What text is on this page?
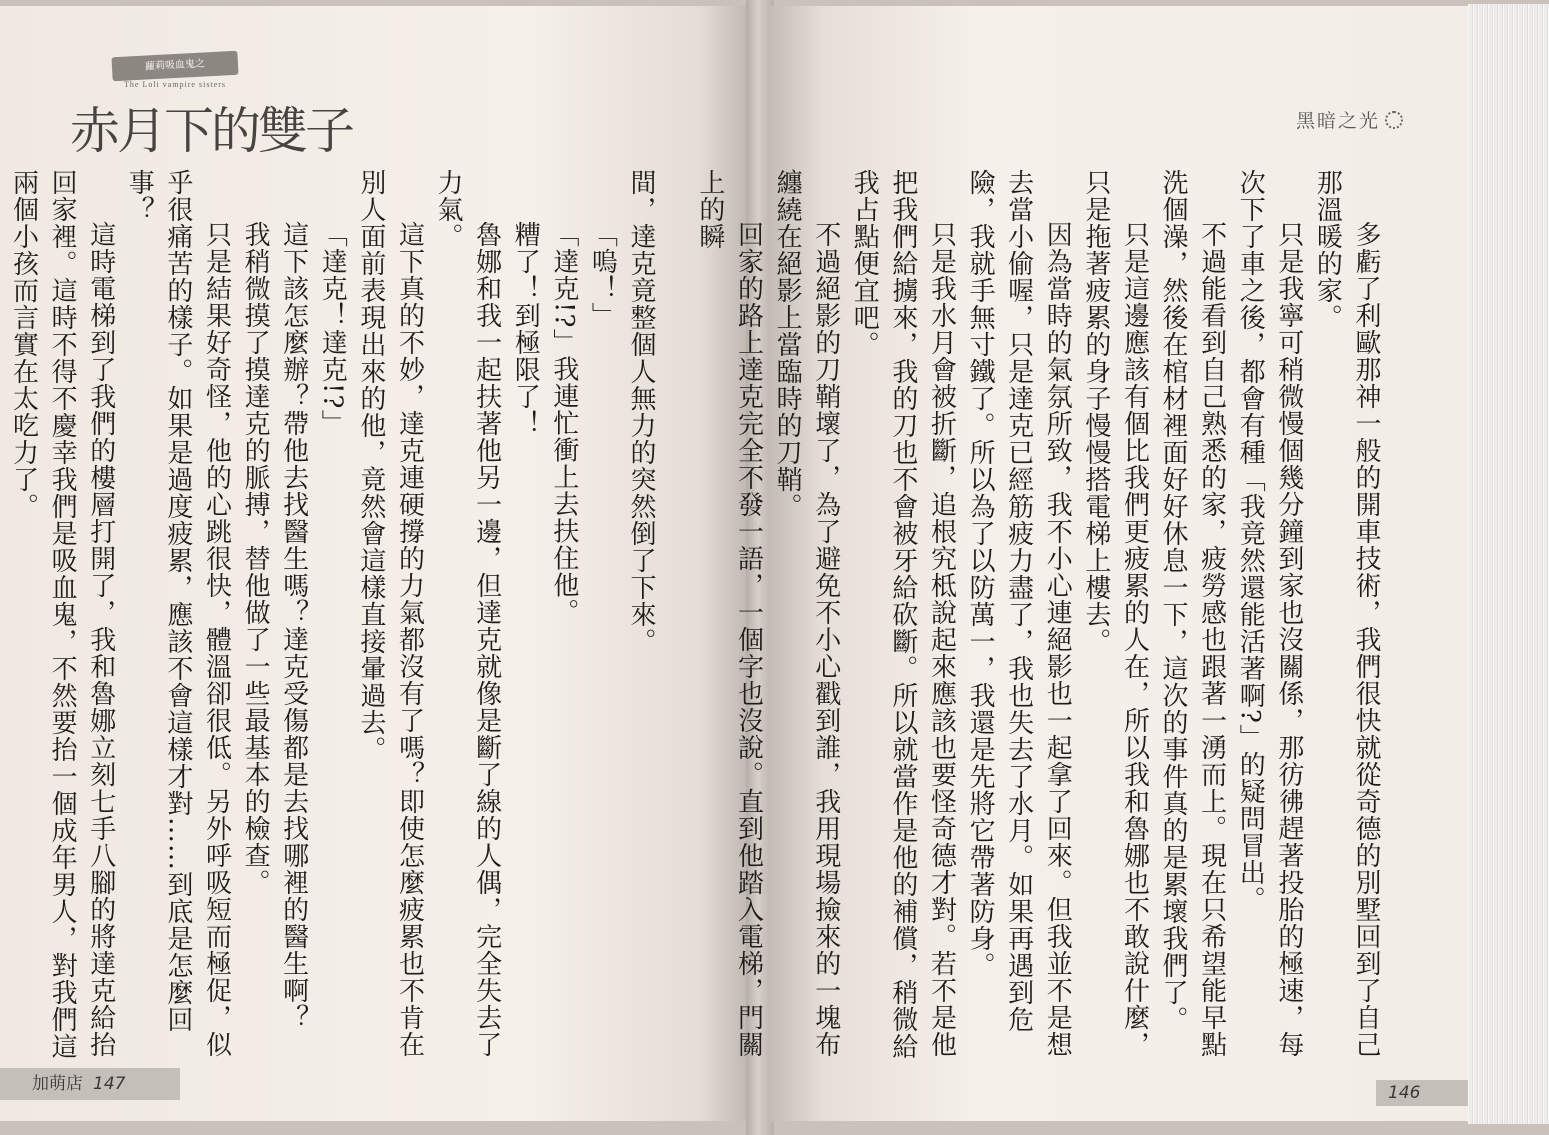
蘿莉吸血鬼之
The Loli vampire sisters
赤月下的雙子

間，達克竟整個人無力的突然倒了下來。

「嗚！」

「達克!?」我連忙衝上去扶住他。

糟了！到極限了！

魯娜和我一起扶著他另一邊，但達克就像是斷了線的人偶，完全失去了力氣。

這下真的不妙，達克連硬撐的力氣都沒有了嗎？即使怎麼疲累也不肯在別人面前表現出來的他，竟然會這樣直接暈過去。

「達克！達克!?」

這下該怎麼辦？帶他去找醫生嗎？達克受傷都是去找哪裡的醫生啊？

我稍微摸了摸達克的脈搏，替他做了一些最基本的檢查。

只是結果好奇怪，他的心跳很快，體溫卻很低。另外呼吸短而極促，似乎很痛苦的樣子。如果是過度疲累，應該不會這樣才對……到底是怎麼回事？

這時電梯到了我們的樓層打開了，我和魯娜立刻七手八腳的將達克給抬回家裡。這時不得不慶幸我們是吸血鬼，不然要抬一個成年男人，對我們這兩個小孩而言實在太吃力了。

加萌店 147
黑暗之光

多虧了利歐那神一般的開車技術，我們很快就從奇德的別墅回到了自己那溫暖的家。

只是我寧可稍微慢個幾分鐘到家也沒關係，那彷彿趕著投胎的極速，每次下了車之後，都會有種「我竟然還能活著啊?」的疑問冒出。

不過能看到自己熟悉的家，疲勞感也跟著一湧而上。現在只希望能早點洗個澡，然後在棺材裡面好好休息一下，這次的事件真的是累壞我們了。

只是這邊應該有個比我們更疲累的人在，所以我和魯娜也不敢說什麼，只是拖著疲累的身子慢慢搭電梯上樓去。

因為當時的氣氛所致，我不小心連絕影也一起拿了回來。但我並不是想去當小偷喔，只是達克已經筋疲力盡了，我也失去了水月。如果再遇到危險，我就手無寸鐵了。所以為了以防萬一，我還是先將它帶著防身。

只是我水月會被折斷，追根究柢說起來應該也要怪奇德才對。若不是他把我們給擄來，我的刀也不會被牙給砍斷。所以就當作是他的補償，稍微給我占點便宜吧。

不過絕影的刀鞘壞了，為了避免不小心戳到誰，我用現場撿來的一塊布纏繞在絕影上當臨時的刀鞘。

回家的路上達克完全不發一語，一個字也沒說。直到他踏入電梯，門關上的瞬

146
